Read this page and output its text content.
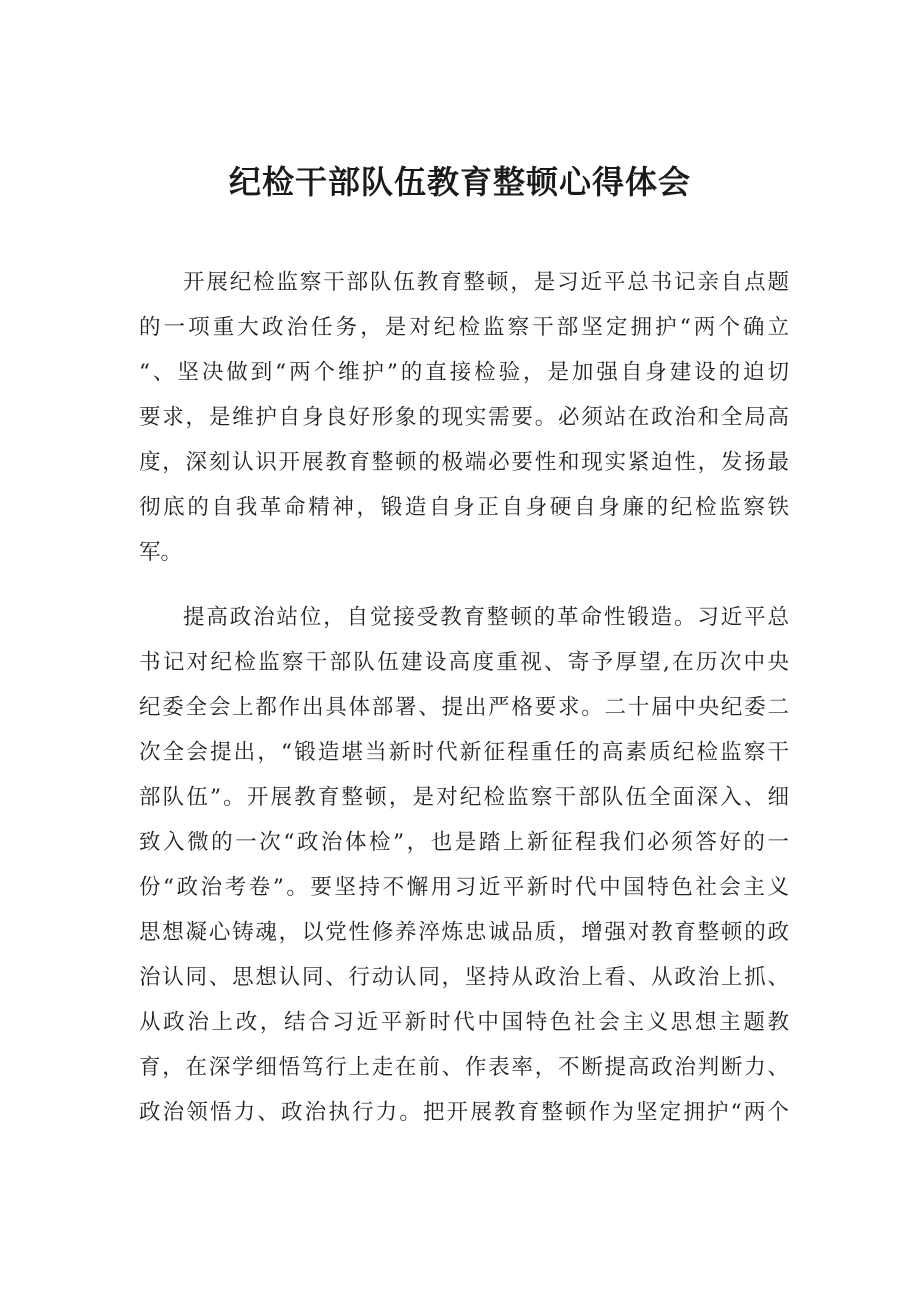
纪检干部队伍教育整顿心得体会
开展纪检监察干部队伍教育整顿，是习近平总书记亲自点题
的一项重大政治任务，是对纪检监察干部坚定拥护“两个确立
“、坚决做到“两个维护”的直接检验，是加强自身建设的迫切
要求，是维护自身良好形象的现实需要。必须站在政治和全局高
度，深刻认识开展教育整顿的极端必要性和现实紧迫性，发扬最
彻底的自我革命精神，锻造自身正自身硬自身廉的纪检监察铁
军。
提高政治站位，自觉接受教育整顿的革命性锻造。习近平总
书记对纪检监察干部队伍建设高度重视、寄予厚望,在历次中央
纪委全会上都作出具体部署、提出严格要求。二十届中央纪委二
次全会提出，“锻造堪当新时代新征程重任的高素质纪检监察干
部队伍”。开展教育整顿，是对纪检监察干部队伍全面深入、细
致入微的一次“政治体检”，也是踏上新征程我们必须答好的一
份“政治考卷”。要坚持不懈用习近平新时代中国特色社会主义
思想凝心铸魂，以党性修养淬炼忠诚品质，增强对教育整顿的政
治认同、思想认同、行动认同，坚持从政治上看、从政治上抓、
从政治上改，结合习近平新时代中国特色社会主义思想主题教
育，在深学细悟笃行上走在前、作表率，不断提高政治判断力、
政治领悟力、政治执行力。把开展教育整顿作为坚定拥护“两个
